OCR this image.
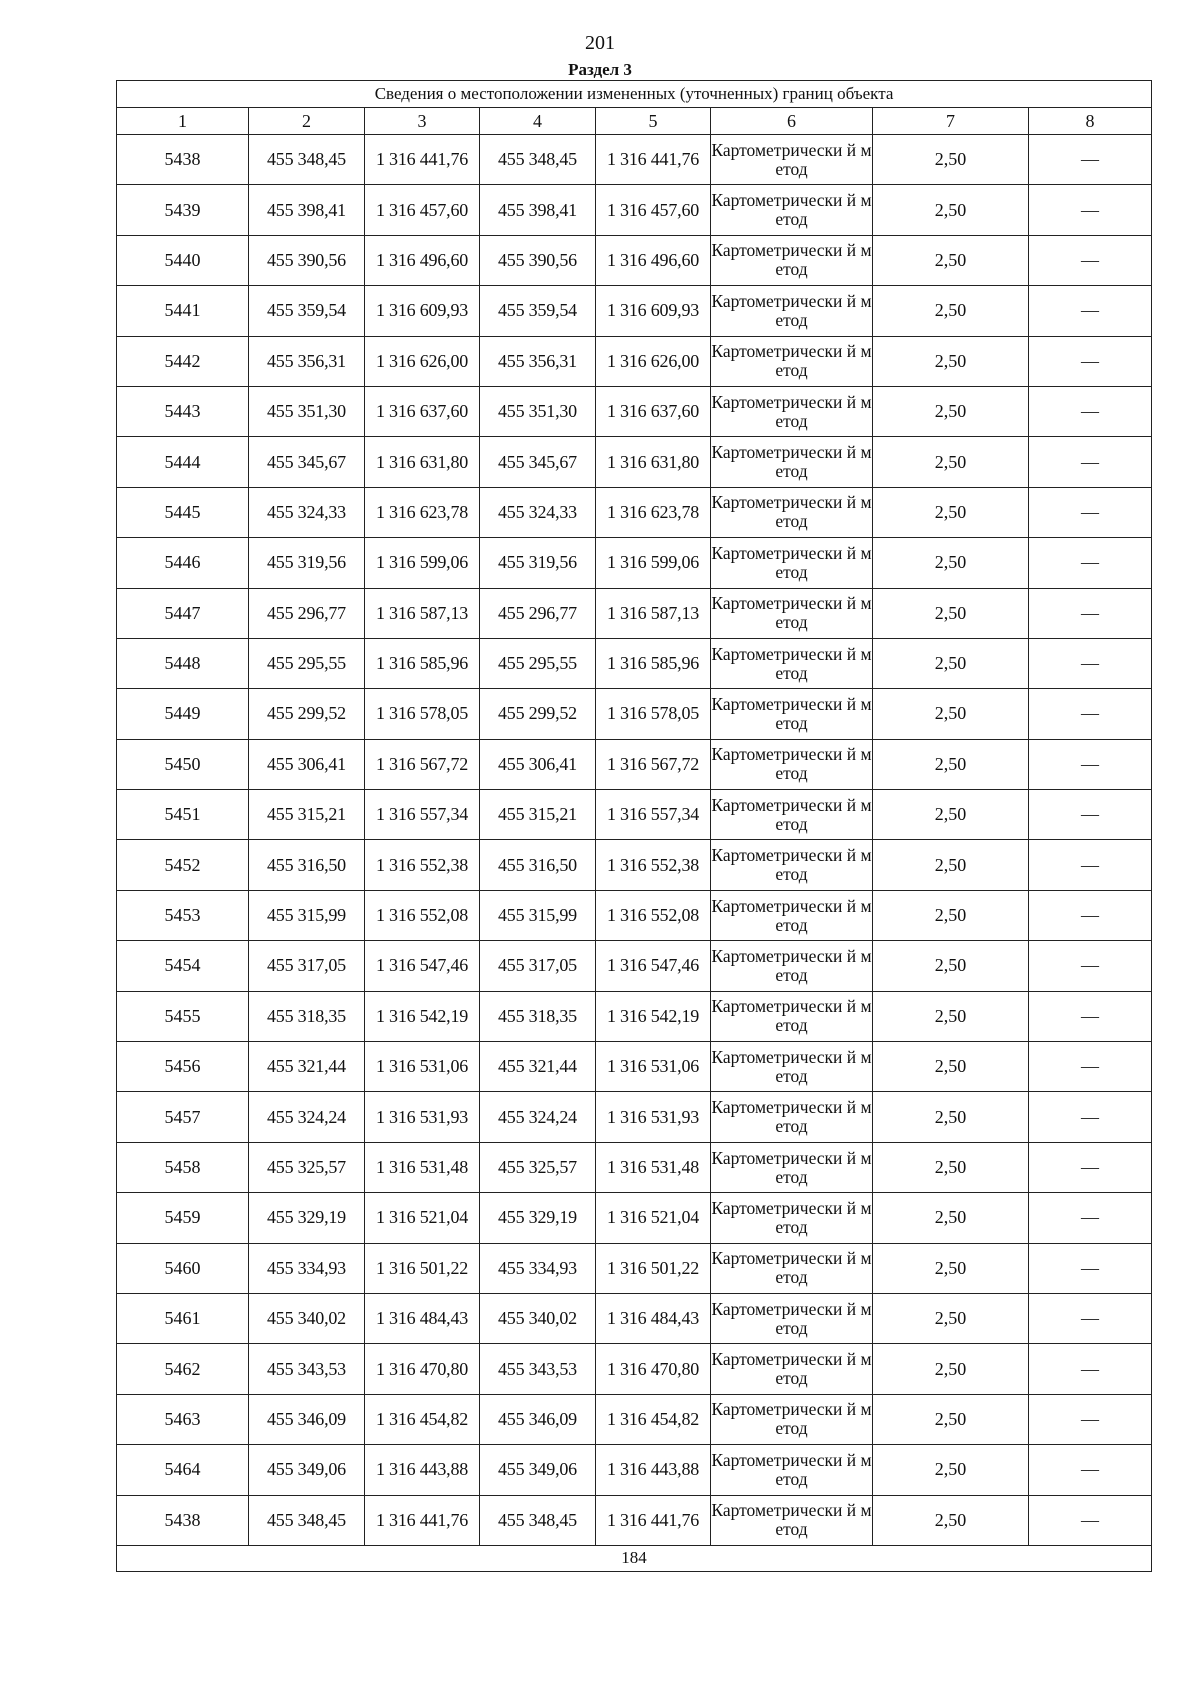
201
Раздел 3
Сведения о местоположении измененных (уточненных) границ объекта							
1	2	3	4	5	6	7	8
5438	455 348,45	1 316 441,76	455 348,45	1 316 441,76	Картометрически й метод	2,50	—
5439	455 398,41	1 316 457,60	455 398,41	1 316 457,60	Картометрически й метод	2,50	—
5440	455 390,56	1 316 496,60	455 390,56	1 316 496,60	Картометрически й метод	2,50	—
5441	455 359,54	1 316 609,93	455 359,54	1 316 609,93	Картометрически й метод	2,50	—
5442	455 356,31	1 316 626,00	455 356,31	1 316 626,00	Картометрически й метод	2,50	—
5443	455 351,30	1 316 637,60	455 351,30	1 316 637,60	Картометрически й метод	2,50	—
5444	455 345,67	1 316 631,80	455 345,67	1 316 631,80	Картометрически й метод	2,50	—
5445	455 324,33	1 316 623,78	455 324,33	1 316 623,78	Картометрически й метод	2,50	—
5446	455 319,56	1 316 599,06	455 319,56	1 316 599,06	Картометрически й метод	2,50	—
5447	455 296,77	1 316 587,13	455 296,77	1 316 587,13	Картометрически й метод	2,50	—
5448	455 295,55	1 316 585,96	455 295,55	1 316 585,96	Картометрически й метод	2,50	—
5449	455 299,52	1 316 578,05	455 299,52	1 316 578,05	Картометрически й метод	2,50	—
5450	455 306,41	1 316 567,72	455 306,41	1 316 567,72	Картометрически й метод	2,50	—
5451	455 315,21	1 316 557,34	455 315,21	1 316 557,34	Картометрически й метод	2,50	—
5452	455 316,50	1 316 552,38	455 316,50	1 316 552,38	Картометрически й метод	2,50	—
5453	455 315,99	1 316 552,08	455 315,99	1 316 552,08	Картометрически й метод	2,50	—
5454	455 317,05	1 316 547,46	455 317,05	1 316 547,46	Картометрически й метод	2,50	—
5455	455 318,35	1 316 542,19	455 318,35	1 316 542,19	Картометрически й метод	2,50	—
5456	455 321,44	1 316 531,06	455 321,44	1 316 531,06	Картометрически й метод	2,50	—
5457	455 324,24	1 316 531,93	455 324,24	1 316 531,93	Картометрически й метод	2,50	—
5458	455 325,57	1 316 531,48	455 325,57	1 316 531,48	Картометрически й метод	2,50	—
5459	455 329,19	1 316 521,04	455 329,19	1 316 521,04	Картометрически й метод	2,50	—
5460	455 334,93	1 316 501,22	455 334,93	1 316 501,22	Картометрически й метод	2,50	—
5461	455 340,02	1 316 484,43	455 340,02	1 316 484,43	Картометрически й метод	2,50	—
5462	455 343,53	1 316 470,80	455 343,53	1 316 470,80	Картометрически й метод	2,50	—
5463	455 346,09	1 316 454,82	455 346,09	1 316 454,82	Картометрически й метод	2,50	—
5464	455 349,06	1 316 443,88	455 349,06	1 316 443,88	Картометрически й метод	2,50	—
5438	455 348,45	1 316 441,76	455 348,45	1 316 441,76	Картометрически й метод	2,50	—
184							
